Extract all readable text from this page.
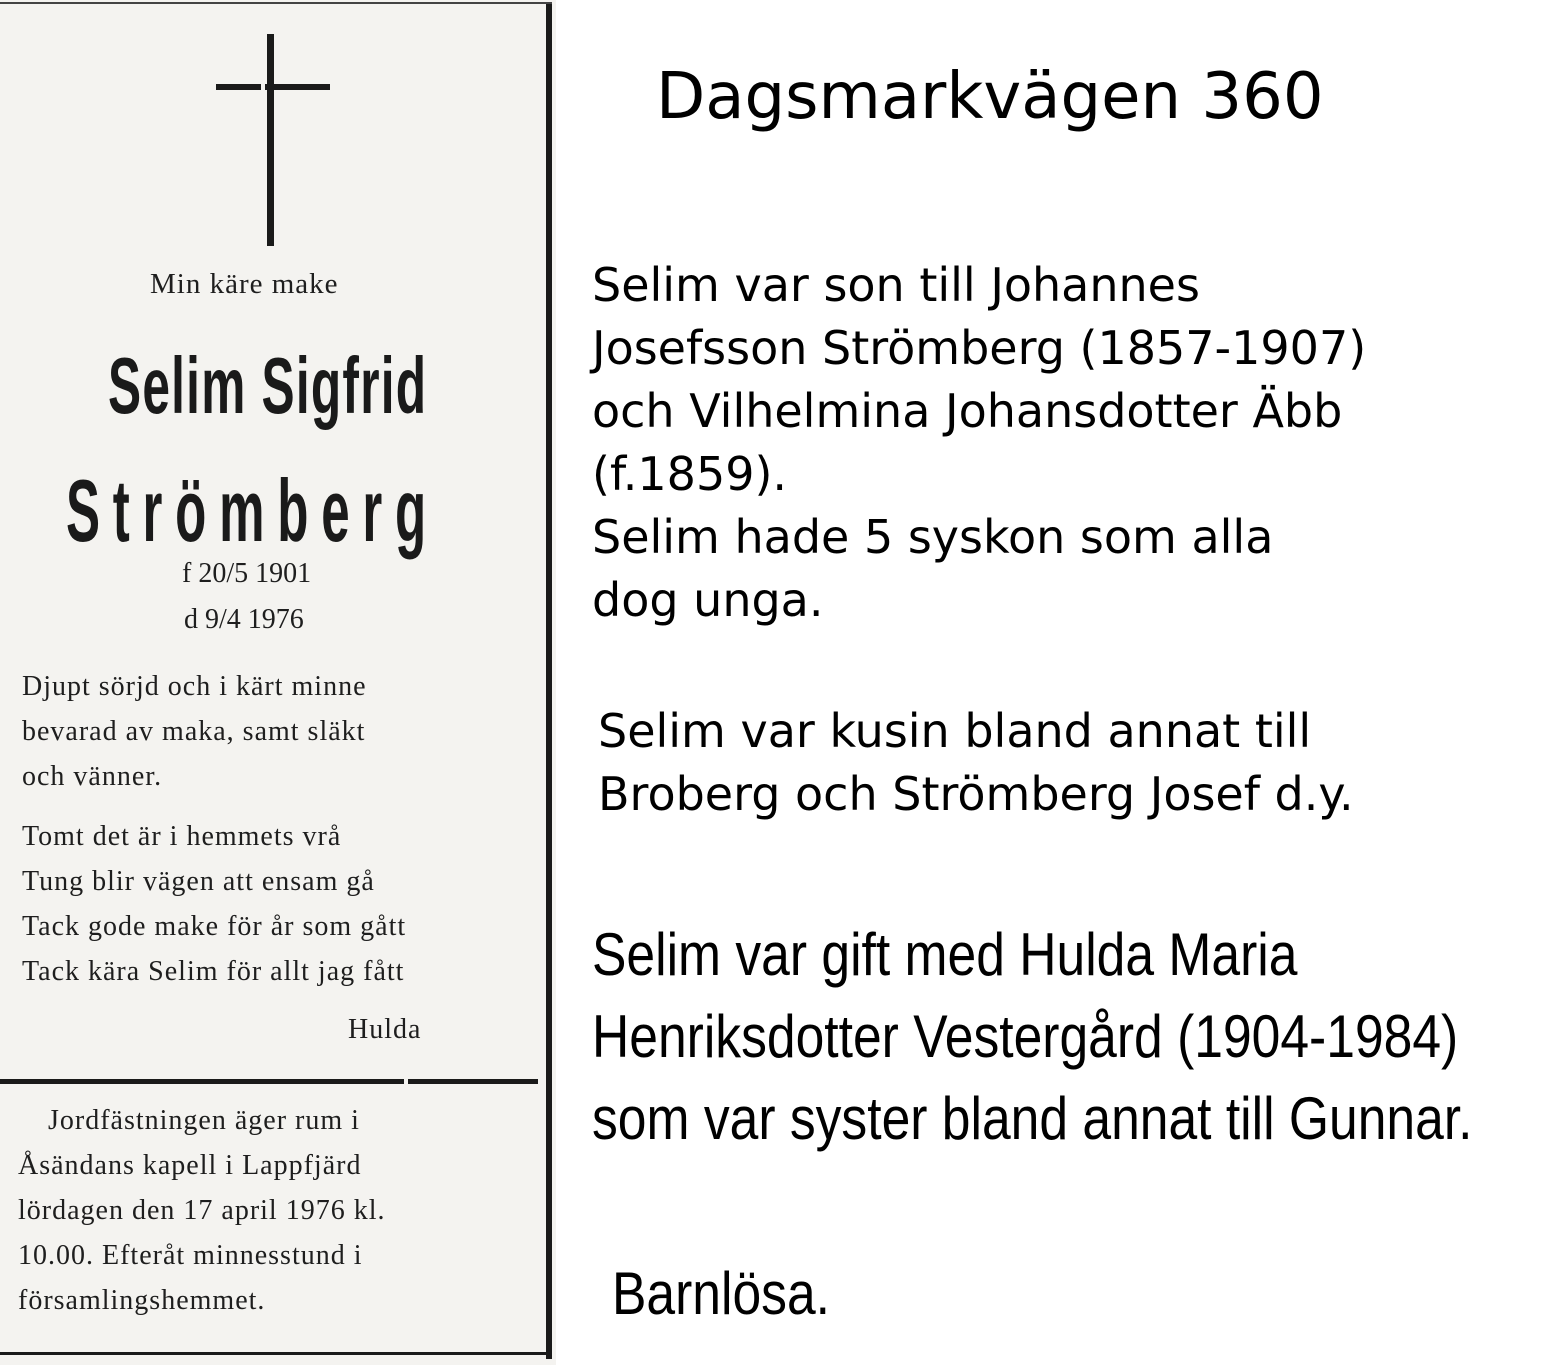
Min käre make

Selim Sigfrid

Strömberg

f 20/5 1901

d 9/4 1976

Djupt sörjd och i kärt minne
bevarad av maka, samt släkt
och vänner.
Tomt det är i hemmets vrå
Tung blir vägen att ensam gå
Tack gode make för år som gått
Tack kära Selim för allt jag fått

Hulda

Jordfästningen äger rum i
Åsändans kapell i Lappfjärd
lördagen den 17 april 1976 kl.
10.00. Efteråt minnesstund i
församlingshemmet.
Dagsmarkvägen 360
Selim var son till Johannes
Josefsson Strömberg (1857-1907)
och Vilhelmina Johansdotter Äbb
(f.1859).
Selim hade 5 syskon som alla
dog unga.
Selim var kusin bland annat till
Broberg och Strömberg Josef d.y.
Selim var gift med Hulda Maria
Henriksdotter Vestergård (1904-1984)
som var syster bland annat till Gunnar.

Barnlösa.
